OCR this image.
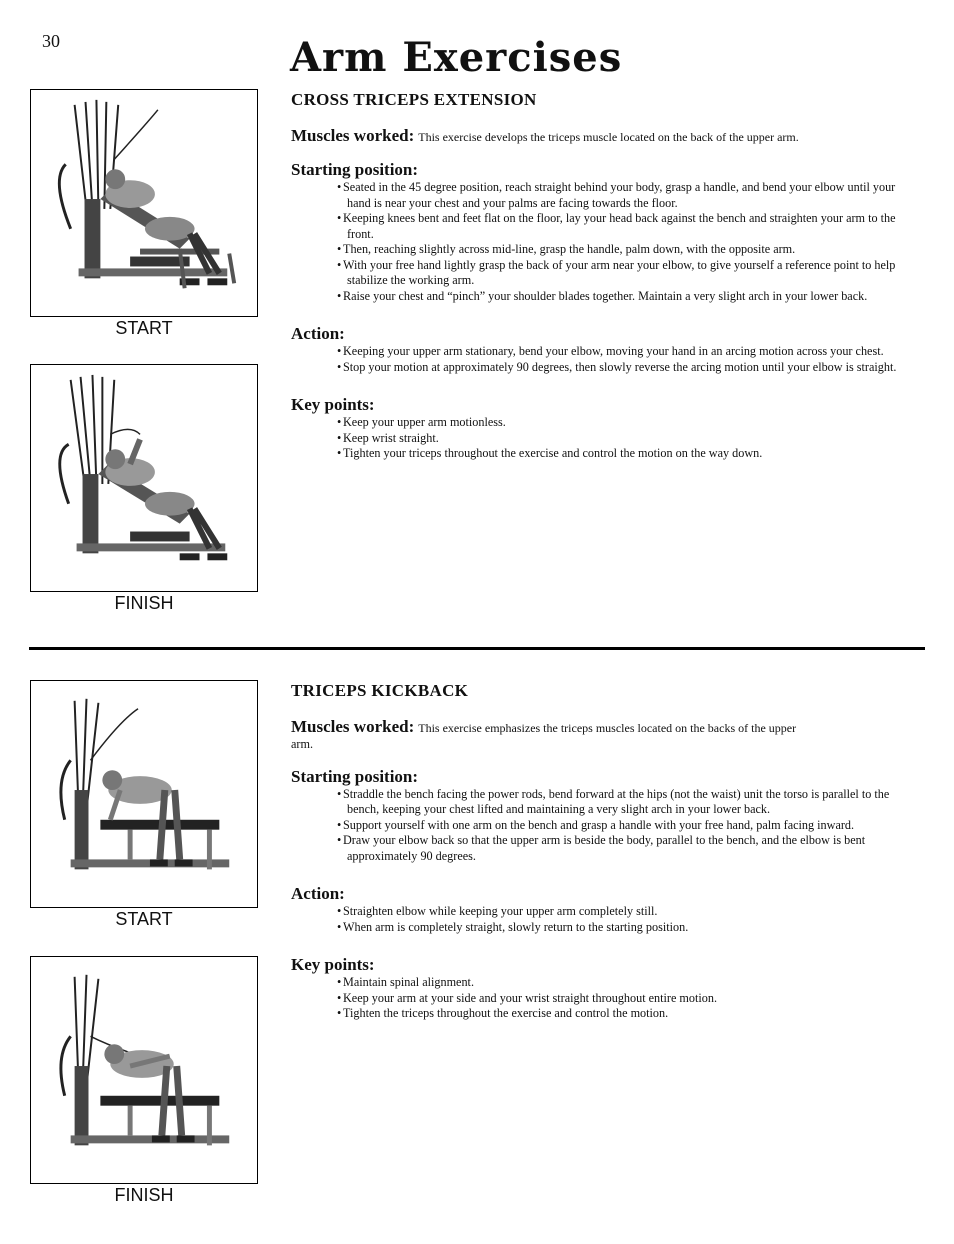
30	Arm Exercises
START
FINISH
CROSS TRICEPS EXTENSION
Muscles worked: This exercise develops the triceps muscle located on the back of the upper arm.
Starting position:
• Seated in the 45 degree position, reach straight behind your body, grasp a handle, and bend your elbow until your hand is near your chest and your palms are facing towards the floor.
• Keeping knees bent and feet flat on the floor, lay your head back against the bench and straighten your arm to the front.
• Then, reaching slightly across mid-line, grasp the handle, palm down, with the opposite arm.
• With your free hand lightly grasp the back of your arm near your elbow, to give yourself a reference point to help stabilize the working arm.
• Raise your chest and “pinch” your shoulder blades together. Maintain a very slight arch in your lower back.
Action:
• Keeping your upper arm stationary, bend your elbow, moving your hand in an arcing motion across your chest.
• Stop your motion at approximately 90 degrees, then slowly reverse the arcing motion until your elbow is straight.
Key points:
• Keep your upper arm motionless.
• Keep wrist straight.
• Tighten your triceps throughout the exercise and control the motion on the way down.
START
FINISH
TRICEPS KICKBACK
Muscles worked: This exercise emphasizes the triceps muscles located on the backs of the upper
arm.
Starting position:
• Straddle the bench facing the power rods, bend forward at the hips (not the waist) unit the torso is parallel to the bench, keeping your chest lifted and maintaining a very slight arch in your lower back.
• Support yourself with one arm on the bench and grasp a handle with your free hand, palm facing inward.
• Draw your elbow back so that the upper arm is beside the body, parallel to the bench, and the elbow is bent approximately 90 degrees.
Action:
• Straighten elbow while keeping your upper arm completely still.
• When arm is completely straight, slowly return to the starting position.
Key points:
• Maintain spinal alignment.
• Keep your arm at your side and your wrist straight throughout entire motion.
• Tighten the triceps throughout the exercise and control the motion.
